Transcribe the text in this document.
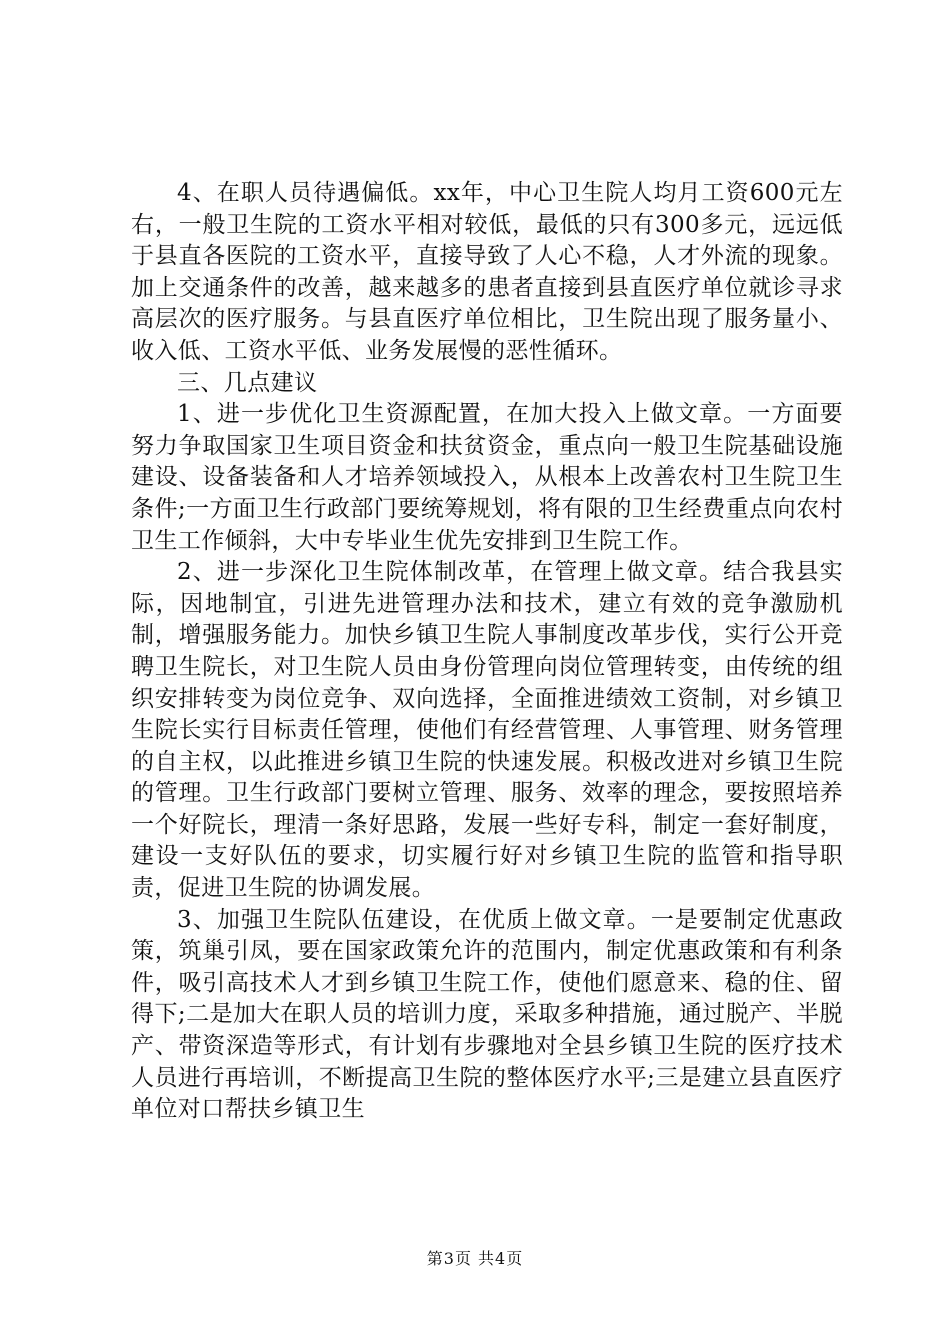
4、在职人员待遇偏低。xx年，中心卫生院人均月工资600元左右，一般卫生院的工资水平相对较低，最低的只有300多元，远远低于县直各医院的工资水平，直接导致了人心不稳，人才外流的现象。加上交通条件的改善，越来越多的患者直接到县直医疗单位就诊寻求高层次的医疗服务。与县直医疗单位相比，卫生院出现了服务量小、收入低、工资水平低、业务发展慢的恶性循环。

三、几点建议

1、进一步优化卫生资源配置，在加大投入上做文章。一方面要努力争取国家卫生项目资金和扶贫资金，重点向一般卫生院基础设施建设、设备装备和人才培养领域投入，从根本上改善农村卫生院卫生条件;一方面卫生行政部门要统筹规划，将有限的卫生经费重点向农村卫生工作倾斜，大中专毕业生优先安排到卫生院工作。

2、进一步深化卫生院体制改革，在管理上做文章。结合我县实际，因地制宜，引进先进管理办法和技术，建立有效的竞争激励机制，增强服务能力。加快乡镇卫生院人事制度改革步伐，实行公开竞聘卫生院长，对卫生院人员由身份管理向岗位管理转变，由传统的组织安排转变为岗位竞争、双向选择，全面推进绩效工资制，对乡镇卫生院长实行目标责任管理，使他们有经营管理、人事管理、财务管理的自主权，以此推进乡镇卫生院的快速发展。积极改进对乡镇卫生院的管理。卫生行政部门要树立管理、服务、效率的理念，要按照培养一个好院长，理清一条好思路，发展一些好专科，制定一套好制度，建设一支好队伍的要求，切实履行好对乡镇卫生院的监管和指导职责，促进卫生院的协调发展。

3、加强卫生院队伍建设，在优质上做文章。一是要制定优惠政策，筑巢引凤，要在国家政策允许的范围内，制定优惠政策和有利条件，吸引高技术人才到乡镇卫生院工作，使他们愿意来、稳的住、留得下;二是加大在职人员的培训力度，采取多种措施，通过脱产、半脱产、带资深造等形式，有计划有步骤地对全县乡镇卫生院的医疗技术人员进行再培训，不断提高卫生院的整体医疗水平;三是建立县直医疗单位对口帮扶乡镇卫生

第3页 共4页
